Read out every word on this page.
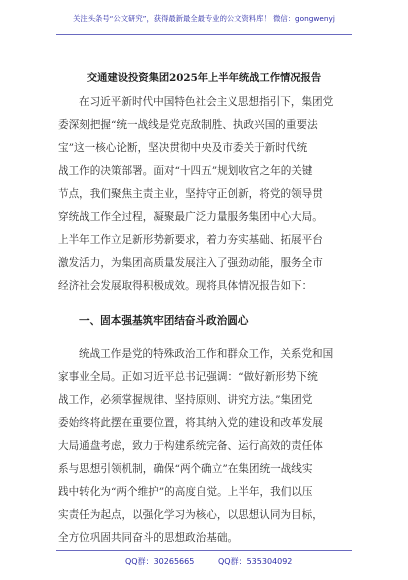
关注头条号“公文研究”，获得最新最全最专业的公文资料库！ 微信：gongwenyj
交通建设投资集团2025年上半年统战工作情况报告
在习近平新时代中国特色社会主义思想指引下，集团党
委深刻把握“统一战线是党克敌制胜、执政兴国的重要法
宝”这一核心论断，坚决贯彻中央及市委关于新时代统
战工作的决策部署。面对“十四五”规划收官之年的关键
节点，我们聚焦主责主业，坚持守正创新，将党的领导贯
穿统战工作全过程，凝聚最广泛力量服务集团中心大局。
上半年工作立足新形势新要求，着力夯实基础、拓展平台
激发活力，为集团高质量发展注入了强劲动能，服务全市
经济社会发展取得积极成效。现将具体情况报告如下：
一、固本强基筑牢团结奋斗政治圆心
统战工作是党的特殊政治工作和群众工作，关系党和国
家事业全局。正如习近平总书记强调：“做好新形势下统
战工作，必须掌握规律、坚持原则、讲究方法。”集团党
委始终将此摆在重要位置，将其纳入党的建设和改革发展
大局通盘考虑，致力于构建系统完备、运行高效的责任体
系与思想引领机制，确保“两个确立”在集团统一战线实
践中转化为“两个维护”的高度自觉。上半年，我们以压
实责任为起点，以强化学习为核心，以思想认同为目标，
全方位巩固共同奋斗的思想政治基础。
QQ群：30265665	QQ群：535304092
